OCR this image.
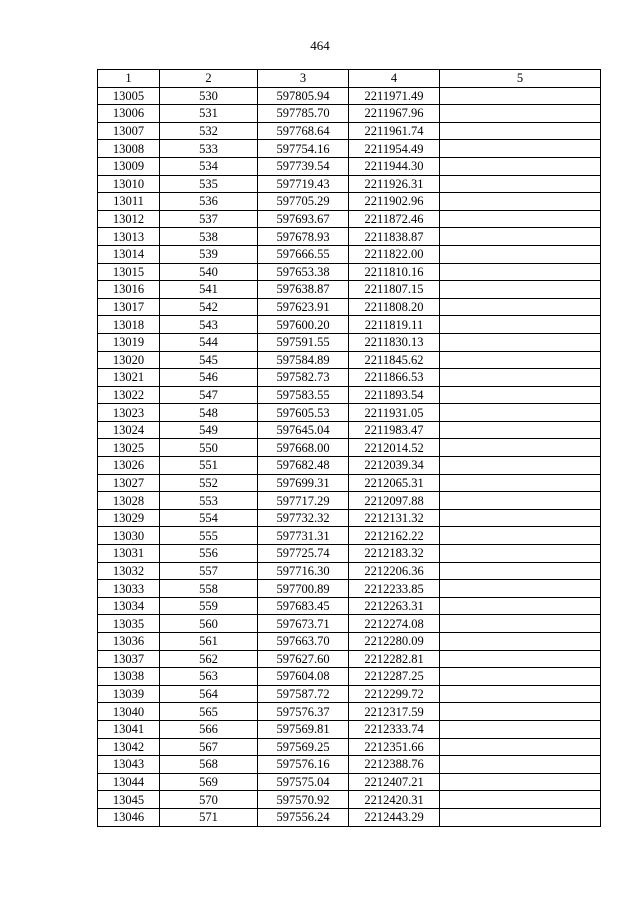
464
1	2	3	4	5
13005	530	597805.94	2211971.49	
13006	531	597785.70	2211967.96	
13007	532	597768.64	2211961.74	
13008	533	597754.16	2211954.49	
13009	534	597739.54	2211944.30	
13010	535	597719.43	2211926.31	
13011	536	597705.29	2211902.96	
13012	537	597693.67	2211872.46	
13013	538	597678.93	2211838.87	
13014	539	597666.55	2211822.00	
13015	540	597653.38	2211810.16	
13016	541	597638.87	2211807.15	
13017	542	597623.91	2211808.20	
13018	543	597600.20	2211819.11	
13019	544	597591.55	2211830.13	
13020	545	597584.89	2211845.62	
13021	546	597582.73	2211866.53	
13022	547	597583.55	2211893.54	
13023	548	597605.53	2211931.05	
13024	549	597645.04	2211983.47	
13025	550	597668.00	2212014.52	
13026	551	597682.48	2212039.34	
13027	552	597699.31	2212065.31	
13028	553	597717.29	2212097.88	
13029	554	597732.32	2212131.32	
13030	555	597731.31	2212162.22	
13031	556	597725.74	2212183.32	
13032	557	597716.30	2212206.36	
13033	558	597700.89	2212233.85	
13034	559	597683.45	2212263.31	
13035	560	597673.71	2212274.08	
13036	561	597663.70	2212280.09	
13037	562	597627.60	2212282.81	
13038	563	597604.08	2212287.25	
13039	564	597587.72	2212299.72	
13040	565	597576.37	2212317.59	
13041	566	597569.81	2212333.74	
13042	567	597569.25	2212351.66	
13043	568	597576.16	2212388.76	
13044	569	597575.04	2212407.21	
13045	570	597570.92	2212420.31	
13046	571	597556.24	2212443.29	
